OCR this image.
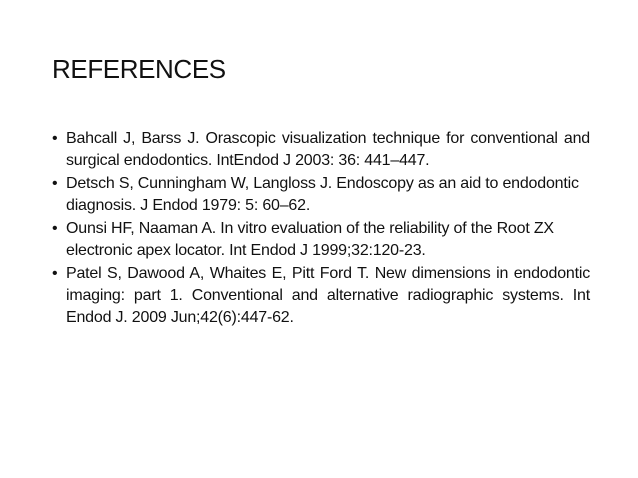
REFERENCES
• Bahcall J, Barss J. Orascopic visualization technique for conventional and surgical endodontics. IntEndod J 2003: 36: 441–447.
• Detsch S, Cunningham W, Langloss J. Endoscopy as an aid to endodontic diagnosis. J Endod 1979: 5: 60–62.
• Ounsi HF, Naaman A. In vitro evaluation of the reliability of the Root ZX electronic apex locator. Int Endod J 1999;32:120-23.
• Patel S, Dawood A, Whaites E, Pitt Ford T. New dimensions in endodontic imaging: part 1. Conventional and alternative radiographic systems. Int Endod J. 2009 Jun;42(6):447-62.
